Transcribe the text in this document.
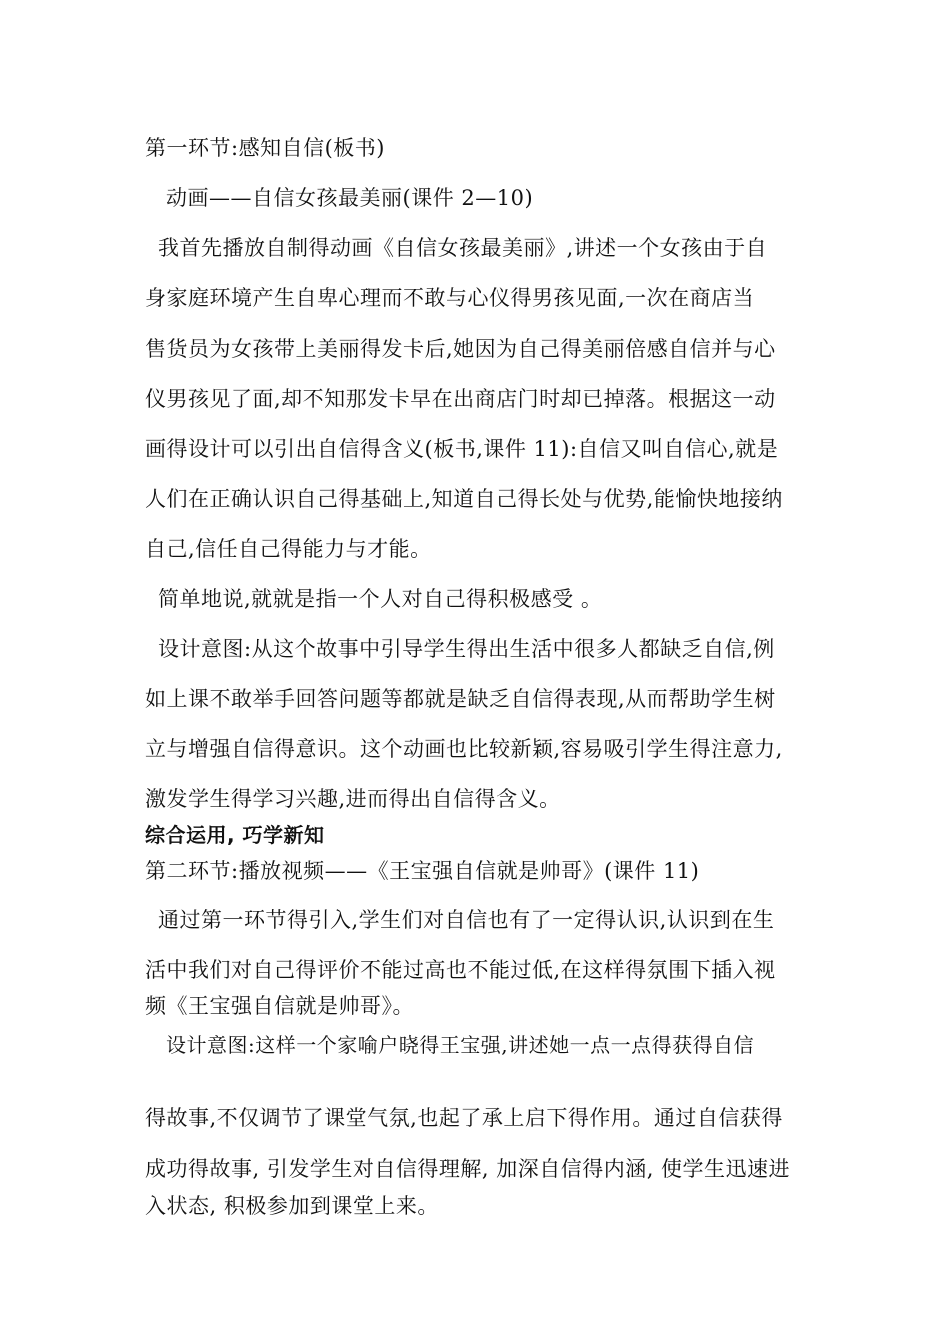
第一环节:感知自信(板书)
动画——自信女孩最美丽(课件 2—10)
我首先播放自制得动画《自信女孩最美丽》,讲述一个女孩由于自
身家庭环境产生自卑心理而不敢与心仪得男孩见面,一次在商店当
售货员为女孩带上美丽得发卡后,她因为自己得美丽倍感自信并与心
仪男孩见了面,却不知那发卡早在出商店门时却已掉落。根据这一动
画得设计可以引出自信得含义(板书,课件 11):自信又叫自信心,就是
人们在正确认识自己得基础上,知道自己得长处与优势,能愉快地接纳
自己,信任自己得能力与才能。
简单地说,就就是指一个人对自己得积极感受 。
设计意图:从这个故事中引导学生得出生活中很多人都缺乏自信,例
如上课不敢举手回答问题等都就是缺乏自信得表现,从而帮助学生树
立与增强自信得意识。这个动画也比较新颖,容易吸引学生得注意力,
激发学生得学习兴趣,进而得出自信得含义。
综合运用, 巧学新知
第二环节:播放视频——《王宝强自信就是帅哥》(课件 11)
通过第一环节得引入,学生们对自信也有了一定得认识,认识到在生
活中我们对自己得评价不能过高也不能过低,在这样得氛围下插入视
频《王宝强自信就是帅哥》。
设计意图:这样一个家喻户晓得王宝强,讲述她一点一点得获得自信
得故事,不仅调节了课堂气氛,也起了承上启下得作用。通过自信获得
成功得故事, 引发学生对自信得理解, 加深自信得内涵, 使学生迅速进
入状态, 积极参加到课堂上来。
